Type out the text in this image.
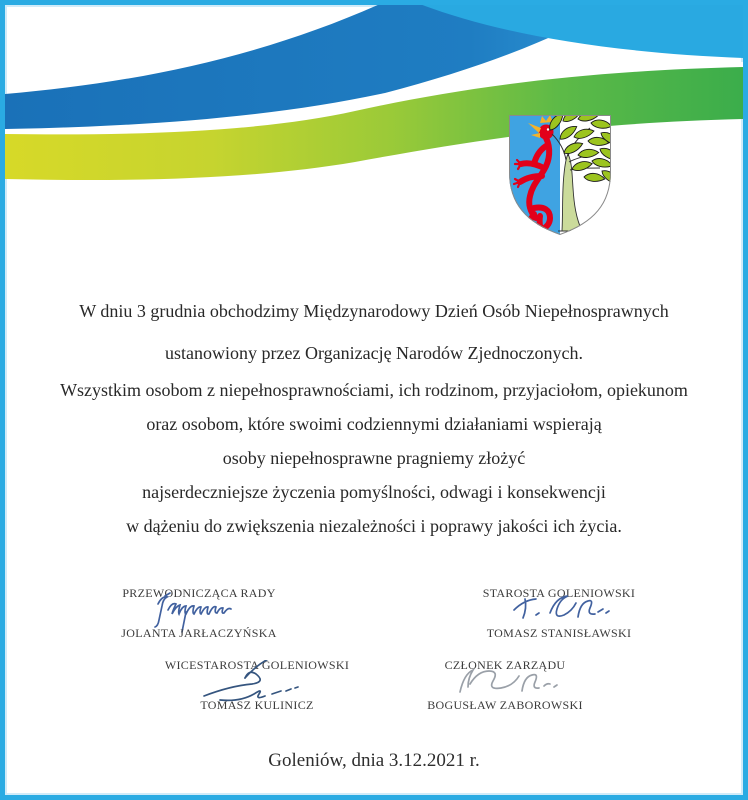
W dniu 3 grudnia obchodzimy Międzynarodowy Dzień Osób Niepełnosprawnych
ustanowiony przez Organizację Narodów Zjednoczonych.
Wszystkim osobom z niepełnosprawnościami, ich rodzinom, przyjaciołom, opiekunom
oraz osobom, które swoimi codziennymi działaniami wspierają
osoby niepełnosprawne pragniemy złożyć
najserdeczniejsze życzenia pomyślności, odwagi i konsekwencji
w dążeniu do zwiększenia niezależności i poprawy jakości ich życia.
PRZEWODNICZĄCA RADY
JOLANTA JARŁACZYŃSKA
STAROSTA GOLENIOWSKI
TOMASZ STANISŁAWSKI
WICESTAROSTA GOLENIOWSKI
TOMASZ KULINICZ
CZŁONEK ZARZĄDU
BOGUSŁAW ZABOROWSKI
Goleniów, dnia 3.12.2021 r.
